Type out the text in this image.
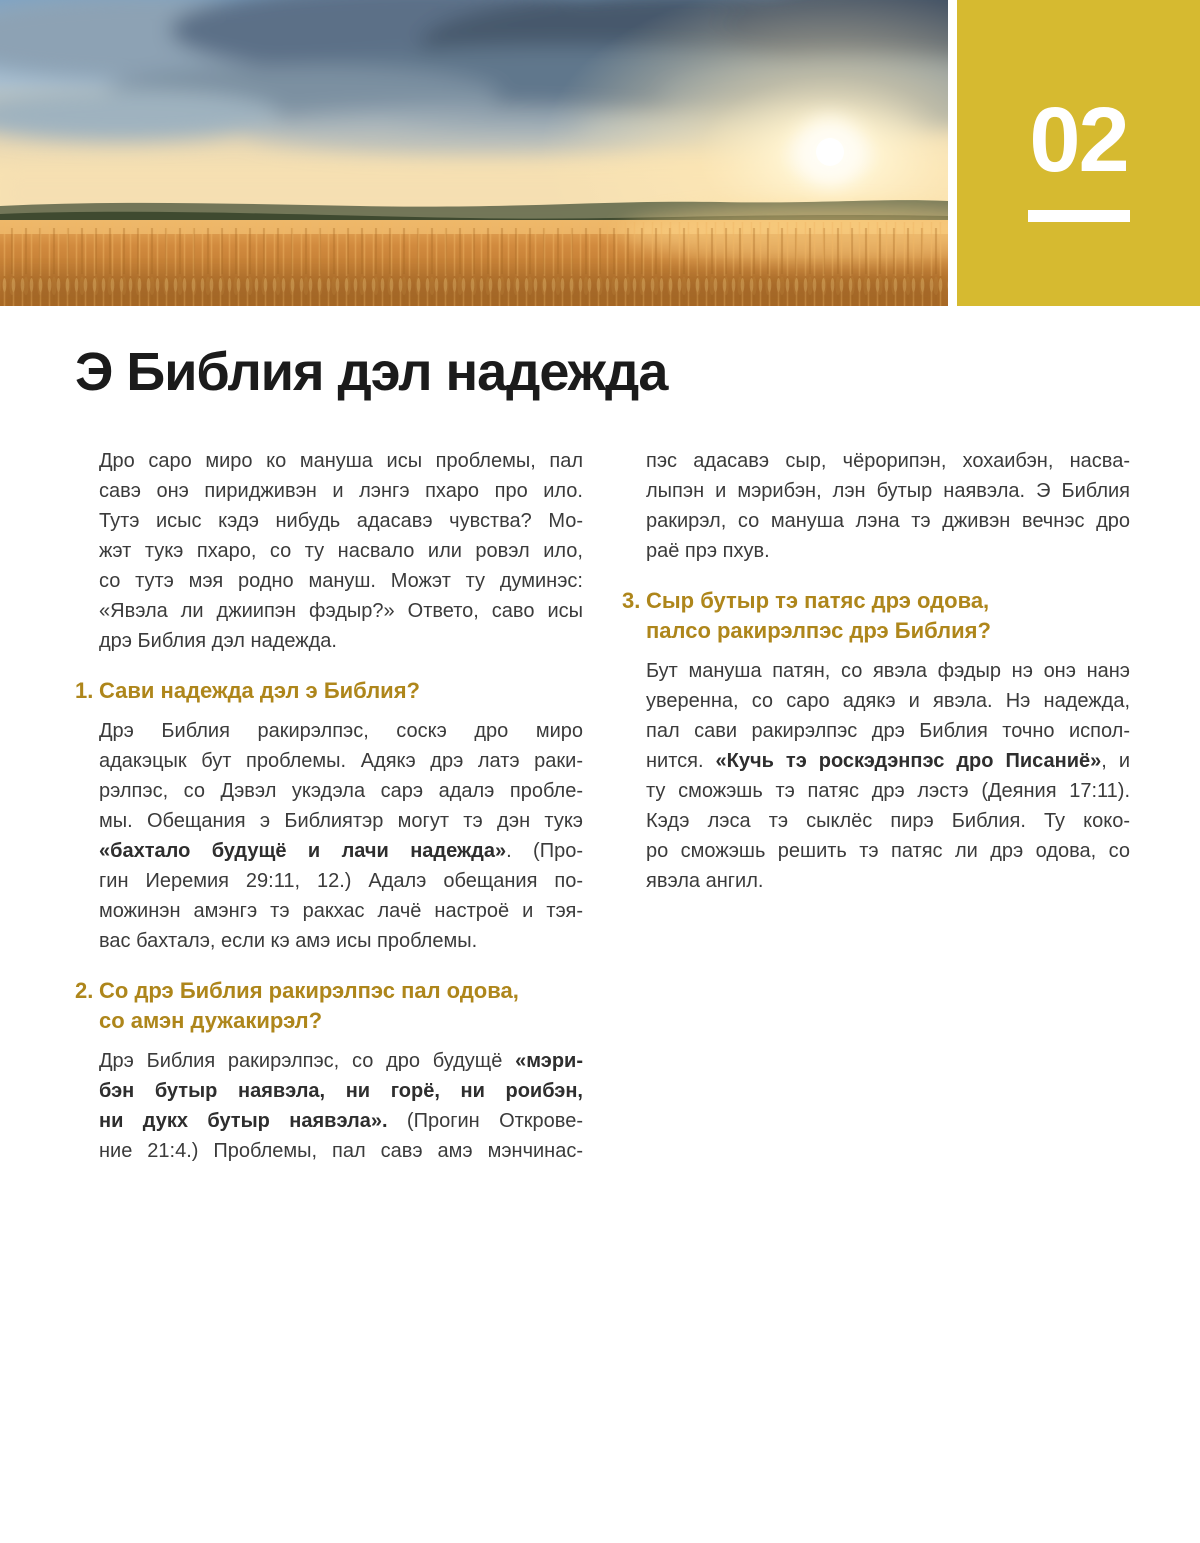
02
Э Библия дэл надежда
Дро саро миро ко мануша исы проблемы, пал
савэ онэ пиридживэн и лэнгэ пхаро про ило.
Тутэ исыс кэдэ нибудь адасавэ чувства? Мо-
жэт тукэ пхаро, со ту насвало или ровэл ило,
со тутэ мэя родно мануш. Можэт ту думинэс:
«Явэла ли джиипэн фэдыр?» Ответо, саво исы
дрэ Библия дэл надежда.
1. Сави надежда дэл э Библия?
Дрэ Библия ракирэлпэс, соскэ дро миро
адакэцык бут проблемы. Адякэ дрэ латэ раки-
рэлпэс, со Дэвэл укэдэла сарэ адалэ пробле-
мы. Обещания э Библиятэр могут тэ дэн тукэ
«бахтало будущё и лачи надежда». (Про-
гин Иеремия 29:11, 12.) Адалэ обещания по-
можинэн амэнгэ тэ ракхас лачё настроё и тэя-
вас бахталэ, если кэ амэ исы проблемы.
2. Со дрэ Библия ракирэлпэс пал одова,
со амэн дужакирэл?
Дрэ Библия ракирэлпэс, со дро будущё «мэри-
бэн бутыр наявэла, ни горё, ни роибэн,
ни дукх бутыр наявэла». (Прогин Открове-
ние 21:4.) Проблемы, пал савэ амэ мэнчинас-
пэс адасавэ сыр, чёрорипэн, хохаибэн, насва-
лыпэн и мэрибэн, лэн бутыр наявэла. Э Библия
ракирэл, со мануша лэна тэ дживэн вечнэс дро
раё прэ пхув.
3. Сыр бутыр тэ патяс дрэ одова,
палсо ракирэлпэс дрэ Библия?
Бут мануша патян, со явэла фэдыр нэ онэ нанэ
уверенна, со саро адякэ и явэла. Нэ надежда,
пал сави ракирэлпэс дрэ Библия точно испол-
нится. «Кучь тэ роскэдэнпэс дро Писаниё», и
ту сможэшь тэ патяс дрэ лэстэ (Деяния 17:11).
Кэдэ лэса тэ сыклёс пирэ Библия. Ту коко-
ро сможэшь решить тэ патяс ли дрэ одова, со
явэла ангил.
